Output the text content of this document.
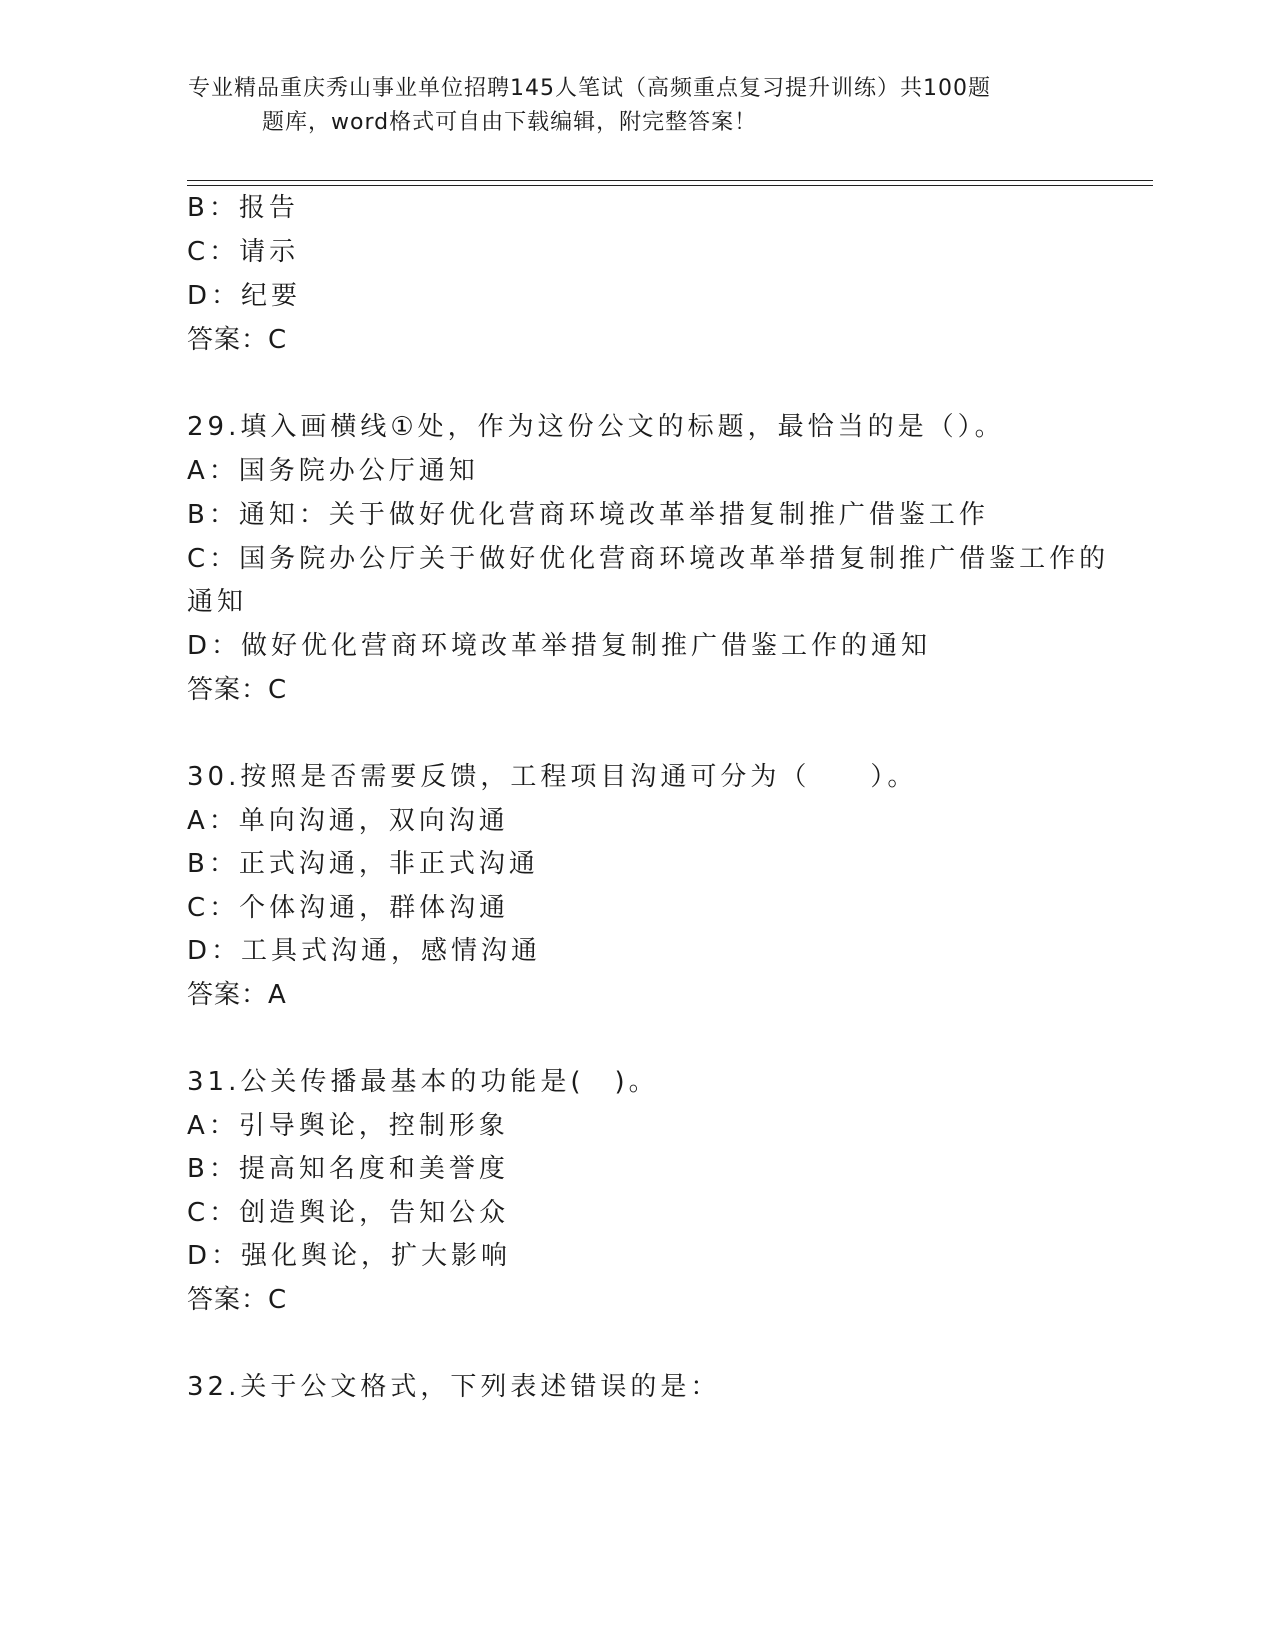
专业精品重庆秀山事业单位招聘145人笔试（高频重点复习提升训练）共100题
题库，word格式可自由下载编辑，附完整答案！
B：报告
C：请示
D：纪要
答案：C
29.填入画横线①处，作为这份公文的标题，最恰当的是（）。
A：国务院办公厅通知
B：通知：关于做好优化营商环境改革举措复制推广借鉴工作
C：国务院办公厅关于做好优化营商环境改革举措复制推广借鉴工作的
通知
D：做好优化营商环境改革举措复制推广借鉴工作的通知
答案：C
30.按照是否需要反馈，工程项目沟通可分为（　　）。
A：单向沟通，双向沟通
B：正式沟通，非正式沟通
C：个体沟通，群体沟通
D：工具式沟通，感情沟通
答案：A
31.公关传播最基本的功能是(　)。
A：引导舆论，控制形象
B：提高知名度和美誉度
C：创造舆论，告知公众
D：强化舆论，扩大影响
答案：C
32.关于公文格式，下列表述错误的是：
